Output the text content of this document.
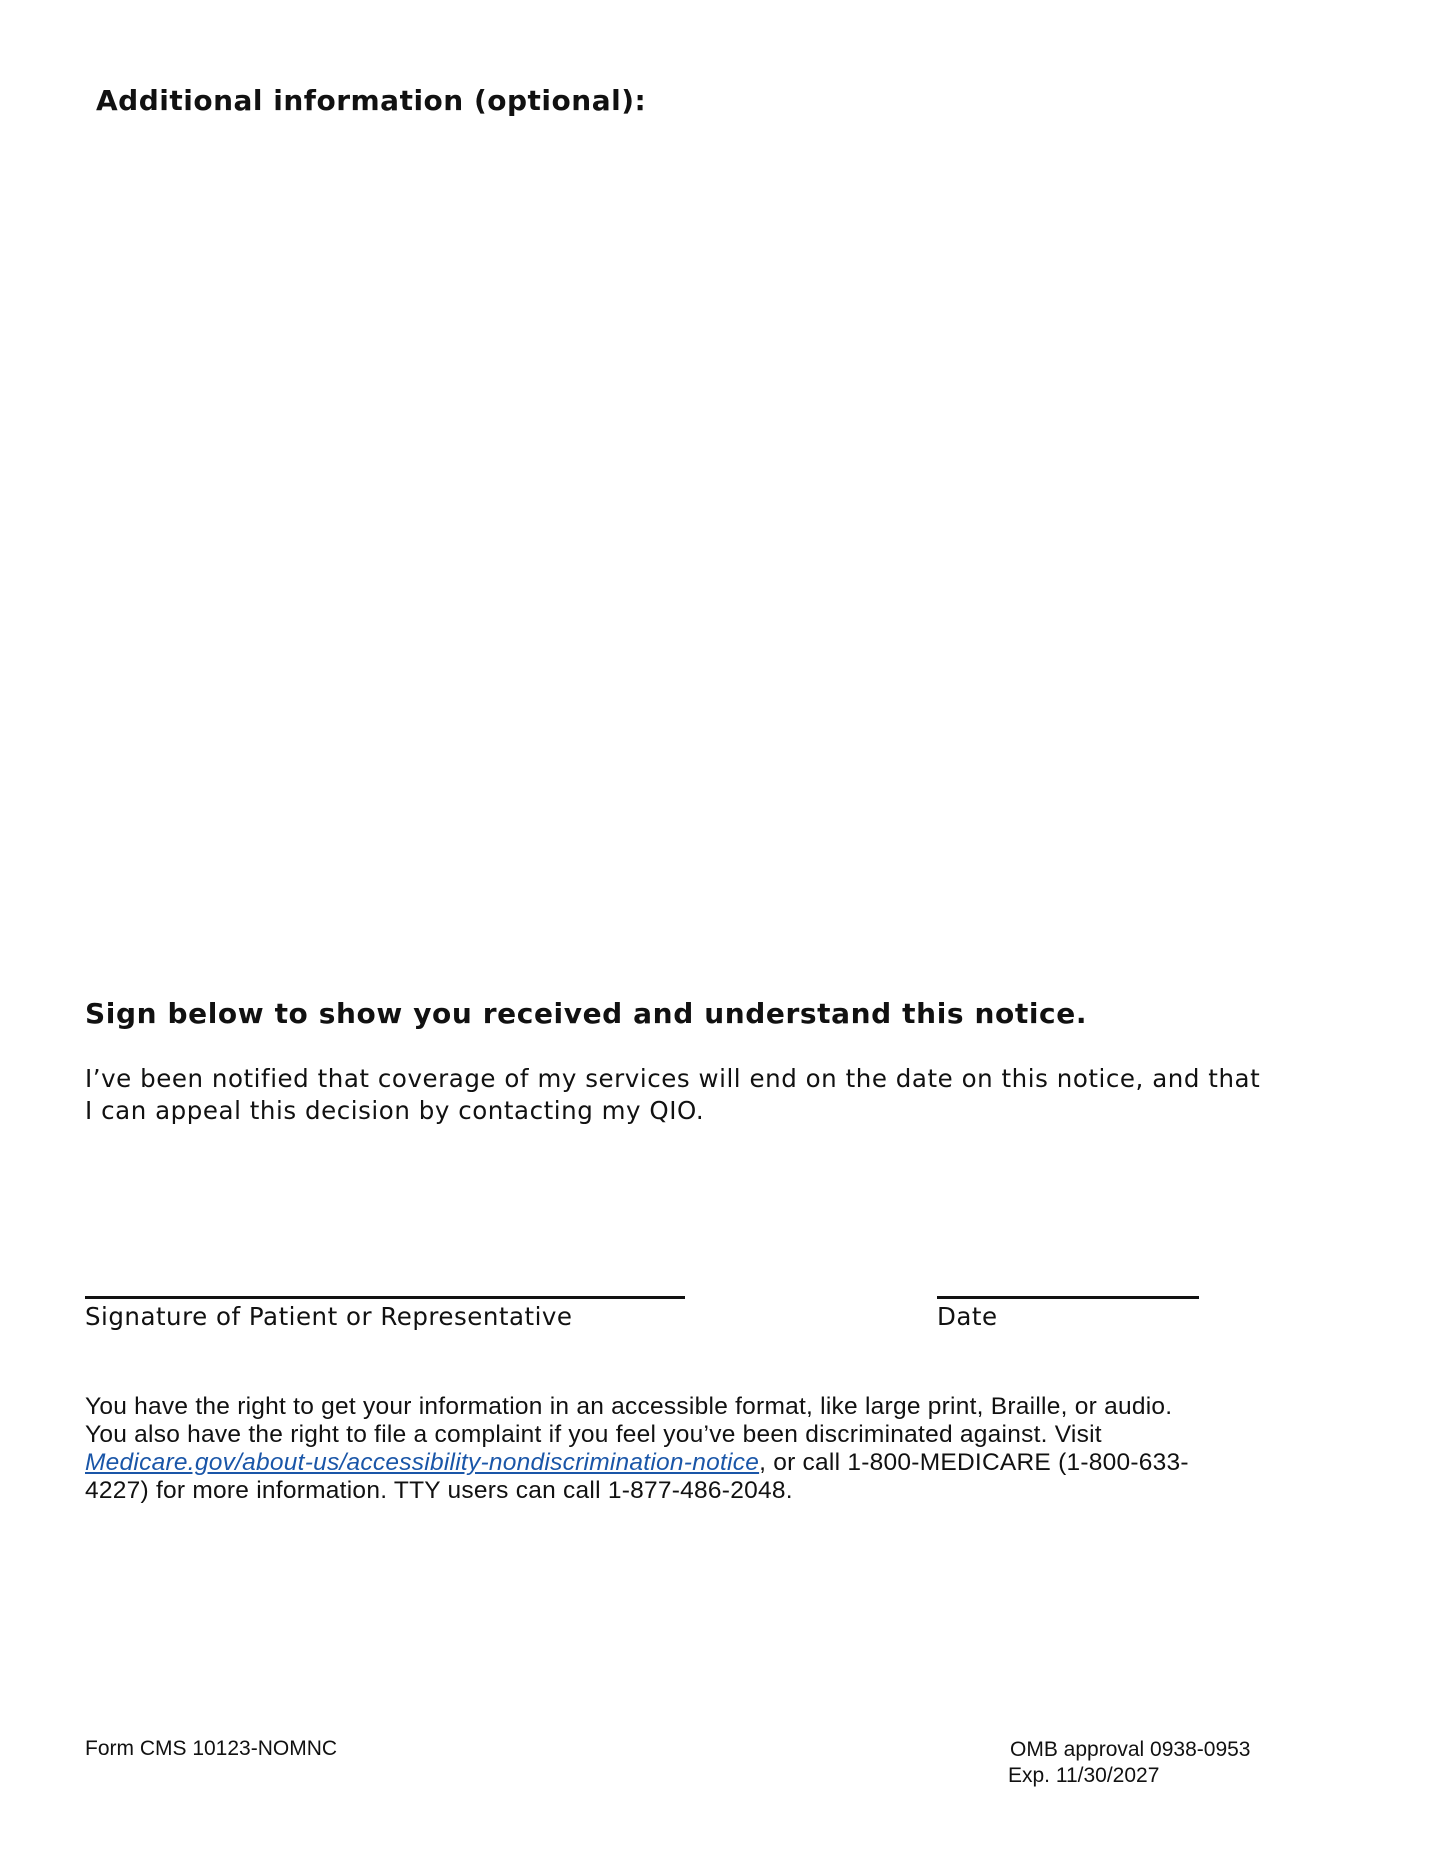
Additional information (optional):
Sign below to show you received and understand this notice.
I’ve been notified that coverage of my services will end on the date on this notice, and that
I can appeal this decision by contacting my QIO.
Signature of Patient or Representative	Date
You have the right to get your information in an accessible format, like large print, Braille, or audio.
You also have the right to file a complaint if you feel you’ve been discriminated against. Visit
Medicare.gov/about-us/accessibility-nondiscrimination-notice, or call 1-800-MEDICARE (1-800-633-
4227) for more information. TTY users can call 1-877-486-2048.
Form CMS 10123-NOMNC	OMB approval 0938-0953
Exp. 11/30/2027
